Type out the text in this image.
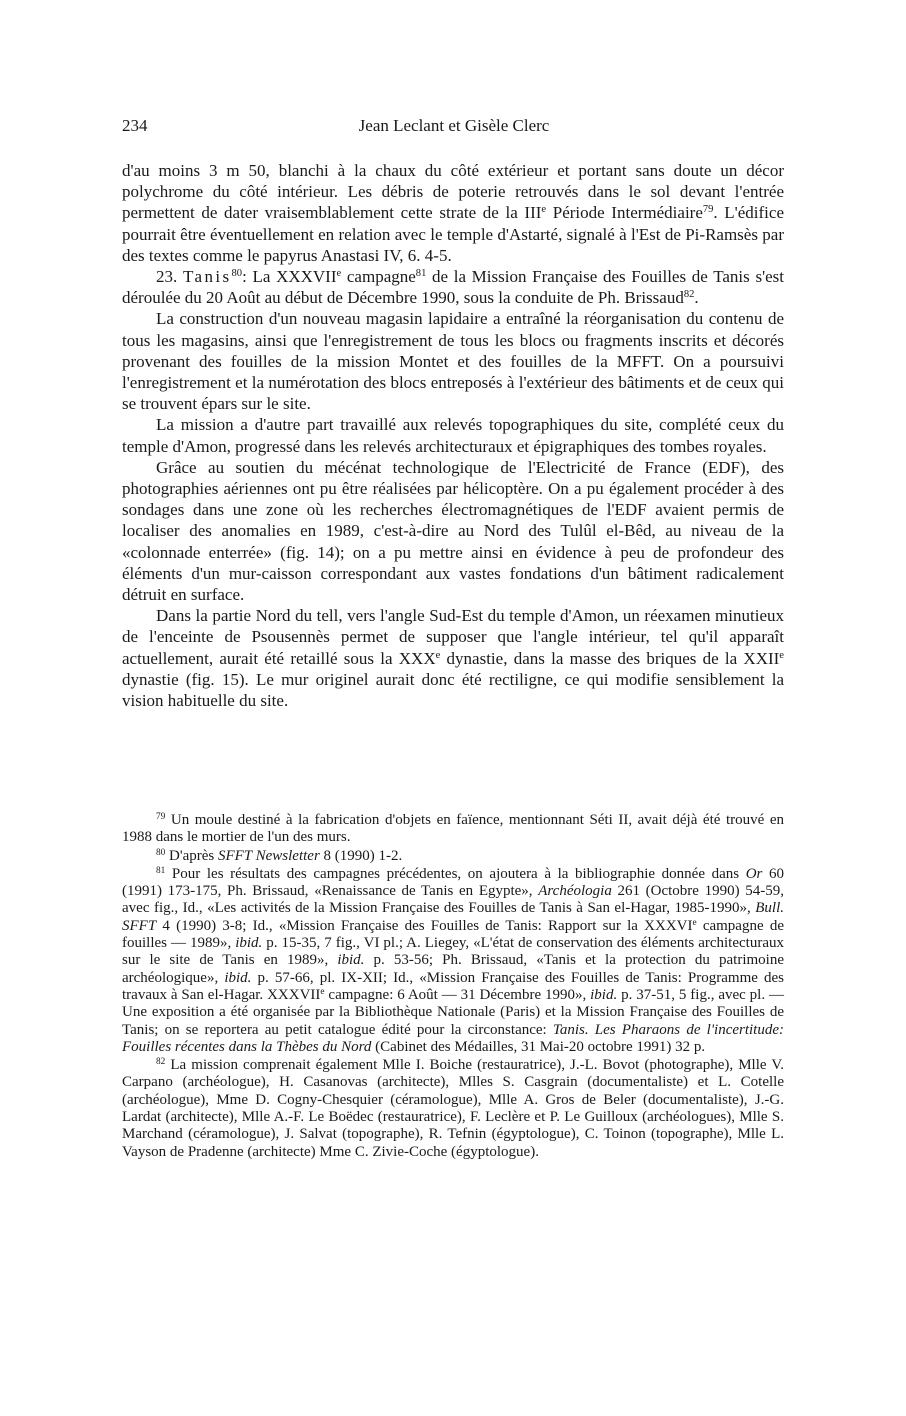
234	Jean Leclant et Gisèle Clerc

d'au moins 3 m 50, blanchi à la chaux du côté extérieur et portant sans doute un décor polychrome du côté intérieur. Les débris de poterie retrouvés dans le sol devant l'entrée permettent de dater vraisemblablement cette strate de la IIIe Période Intermédiaire$^{79}$. L'édifice pourrait être éventuellement en relation avec le temple d'Astarté, signalé à l'Est de Pi-Ramsès par des textes comme le papyrus Anastasi IV, 6. 4-5.

23. Tanis$^{80}$: La XXXVIIe campagne$^{81}$ de la Mission Française des Fouilles de Tanis s'est déroulée du 20 Août au début de Décembre 1990, sous la conduite de Ph. Brissaud$^{82}$.

La construction d'un nouveau magasin lapidaire a entraîné la réorganisation du contenu de tous les magasins, ainsi que l'enregistrement de tous les blocs ou fragments inscrits et décorés provenant des fouilles de la mission Montet et des fouilles de la MFFT. On a poursuivi l'enregistrement et la numérotation des blocs entreposés à l'extérieur des bâtiments et de ceux qui se trouvent épars sur le site.

La mission a d'autre part travaillé aux relevés topographiques du site, complété ceux du temple d'Amon, progressé dans les relevés architecturaux et épigraphiques des tombes royales.

Grâce au soutien du mécénat technologique de l'Electricité de France (EDF), des photographies aériennes ont pu être réalisées par hélicoptère. On a pu également procéder à des sondages dans une zone où les recherches électromagnétiques de l'EDF avaient permis de localiser des anomalies en 1989, c'est-à-dire au Nord des Tulûl el-Bêd, au niveau de la «colonnade enterrée» (fig. 14); on a pu mettre ainsi en évidence à peu de profondeur des éléments d'un mur-caisson correspondant aux vastes fondations d'un bâtiment radicalement détruit en surface.

Dans la partie Nord du tell, vers l'angle Sud-Est du temple d'Amon, un réexamen minutieux de l'enceinte de Psousennès permet de supposer que l'angle intérieur, tel qu'il apparaît actuellement, aurait été retaillé sous la XXXe dynastie, dans la masse des briques de la XXIIe dynastie (fig. 15). Le mur originel aurait donc été rectiligne, ce qui modifie sensiblement la vision habituelle du site.

$^{79}$ Un moule destiné à la fabrication d'objets en faïence, mentionnant Séti II, avait déjà été trouvé en 1988 dans le mortier de l'un des murs.

$^{80}$ D'après SFFT Newsletter 8 (1990) 1-2.

$^{81}$ Pour les résultats des campagnes précédentes, on ajoutera à la bibliographie donnée dans Or 60 (1991) 173-175, Ph. Brissaud, «Renaissance de Tanis en Egypte», Archéologia 261 (Octobre 1990) 54-59, avec fig., Id., «Les activités de la Mission Française des Fouilles de Tanis à San el-Hagar, 1985-1990», Bull. SFFT 4 (1990) 3-8; Id., «Mission Française des Fouilles de Tanis: Rapport sur la XXXVIe campagne de fouilles — 1989», ibid. p. 15-35, 7 fig., VI pl.; A. Liegey, «L'état de conservation des éléments architecturaux sur le site de Tanis en 1989», ibid. p. 53-56; Ph. Brissaud, «Tanis et la protection du patrimoine archéologique», ibid. p. 57-66, pl. IX-XII; Id., «Mission Française des Fouilles de Tanis: Programme des travaux à San el-Hagar. XXXVIIe campagne: 6 Août — 31 Décembre 1990», ibid. p. 37-51, 5 fig., avec pl. — Une exposition a été organisée par la Bibliothèque Nationale (Paris) et la Mission Française des Fouilles de Tanis; on se reportera au petit catalogue édité pour la circonstance: Tanis. Les Pharaons de l'incertitude: Fouilles récentes dans la Thèbes du Nord (Cabinet des Médailles, 31 Mai-20 octobre 1991) 32 p.

$^{82}$ La mission comprenait également Mlle I. Boiche (restauratrice), J.-L. Bovot (photographe), Mlle V. Carpano (archéologue), H. Casanovas (architecte), Mlles S. Casgrain (documentaliste) et L. Cotelle (archéologue), Mme D. Cogny-Chesquier (céramologue), Mlle A. Gros de Beler (documentaliste), J.-G. Lardat (architecte), Mlle A.-F. Le Boëdec (restauratrice), F. Leclère et P. Le Guilloux (archéologues), Mlle S. Marchand (céramologue), J. Salvat (topographe), R. Tefnin (égyptologue), C. Toinon (topographe), Mlle L. Vayson de Pradenne (architecte) Mme C. Zivie-Coche (égyptologue).
